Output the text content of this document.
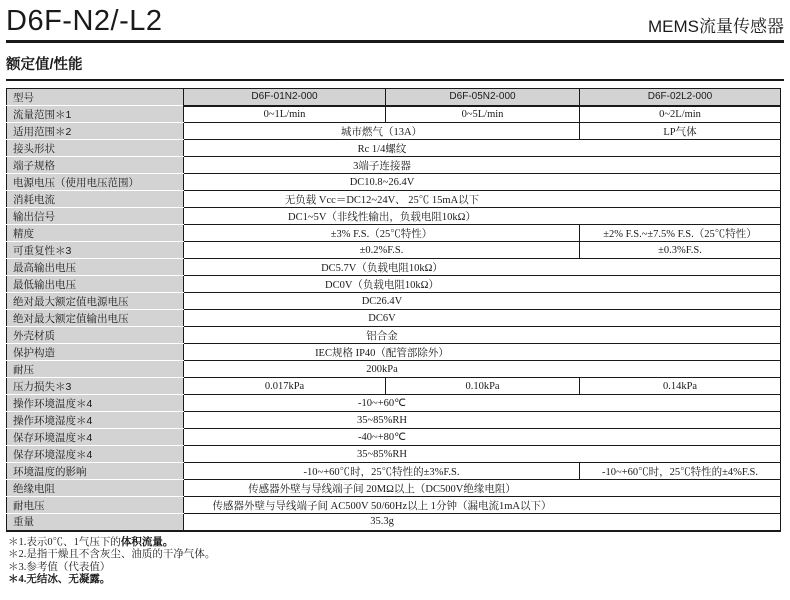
D6F-N2/-L2	MEMS流量传感器
额定值/性能
型号	D6F-01N2-000	D6F-05N2-000	D6F-02L2-000
流量范围＊1	0~1L/min	0~5L/min	0~2L/min
适用范围＊2	城市燃气（13A）		LP气体
接头形状	Rc 1/4螺纹		
端子规格	3端子连接器		
电源电压（使用电压范围）	DC10.8~26.4V		
消耗电流	无负载 Vcc＝DC12~24V、 25℃ 15mA以下		
输出信号	DC1~5V（非线性输出，负载电阻10kΩ）		
精度	±3% F.S.（25℃特性）		±2% F.S.~±7.5% F.S.（25℃特性）
可重复性＊3	±0.2%F.S.		±0.3%F.S.
最高输出电压	DC5.7V（负载电阻10kΩ）		
最低输出电压	DC0V（负载电阻10kΩ）		
绝对最大额定值电源电压	DC26.4V		
绝对最大额定值输出电压	DC6V		
外壳材质	铝合金		
保护构造	IEC规格 IP40（配管部除外）		
耐压	200kPa		
压力损失＊3	0.017kPa	0.10kPa	0.14kPa
操作环境温度＊4	-10~+60℃		
操作环境湿度＊4	35~85%RH		
保存环境温度＊4	-40~+80℃		
保存环境湿度＊4	35~85%RH		
环境温度的影响	-10~+60℃时，25℃特性的±3%F.S.		-10~+60℃时，25℃特性的±4%F.S.
绝缘电阻	传感器外壁与导线端子间 20MΩ以上（DC500V绝缘电阻）		
耐电压	传感器外壁与导线端子间 AC500V 50/60Hz以上 1分钟（漏电流1mA以下）		
重量	35.3g		
＊1.表示0℃、1气压下的体积流量。
＊2.是指干燥且不含灰尘、油质的干净气体。
＊3.参考值（代表值）
＊4.无结冰、无凝露。
